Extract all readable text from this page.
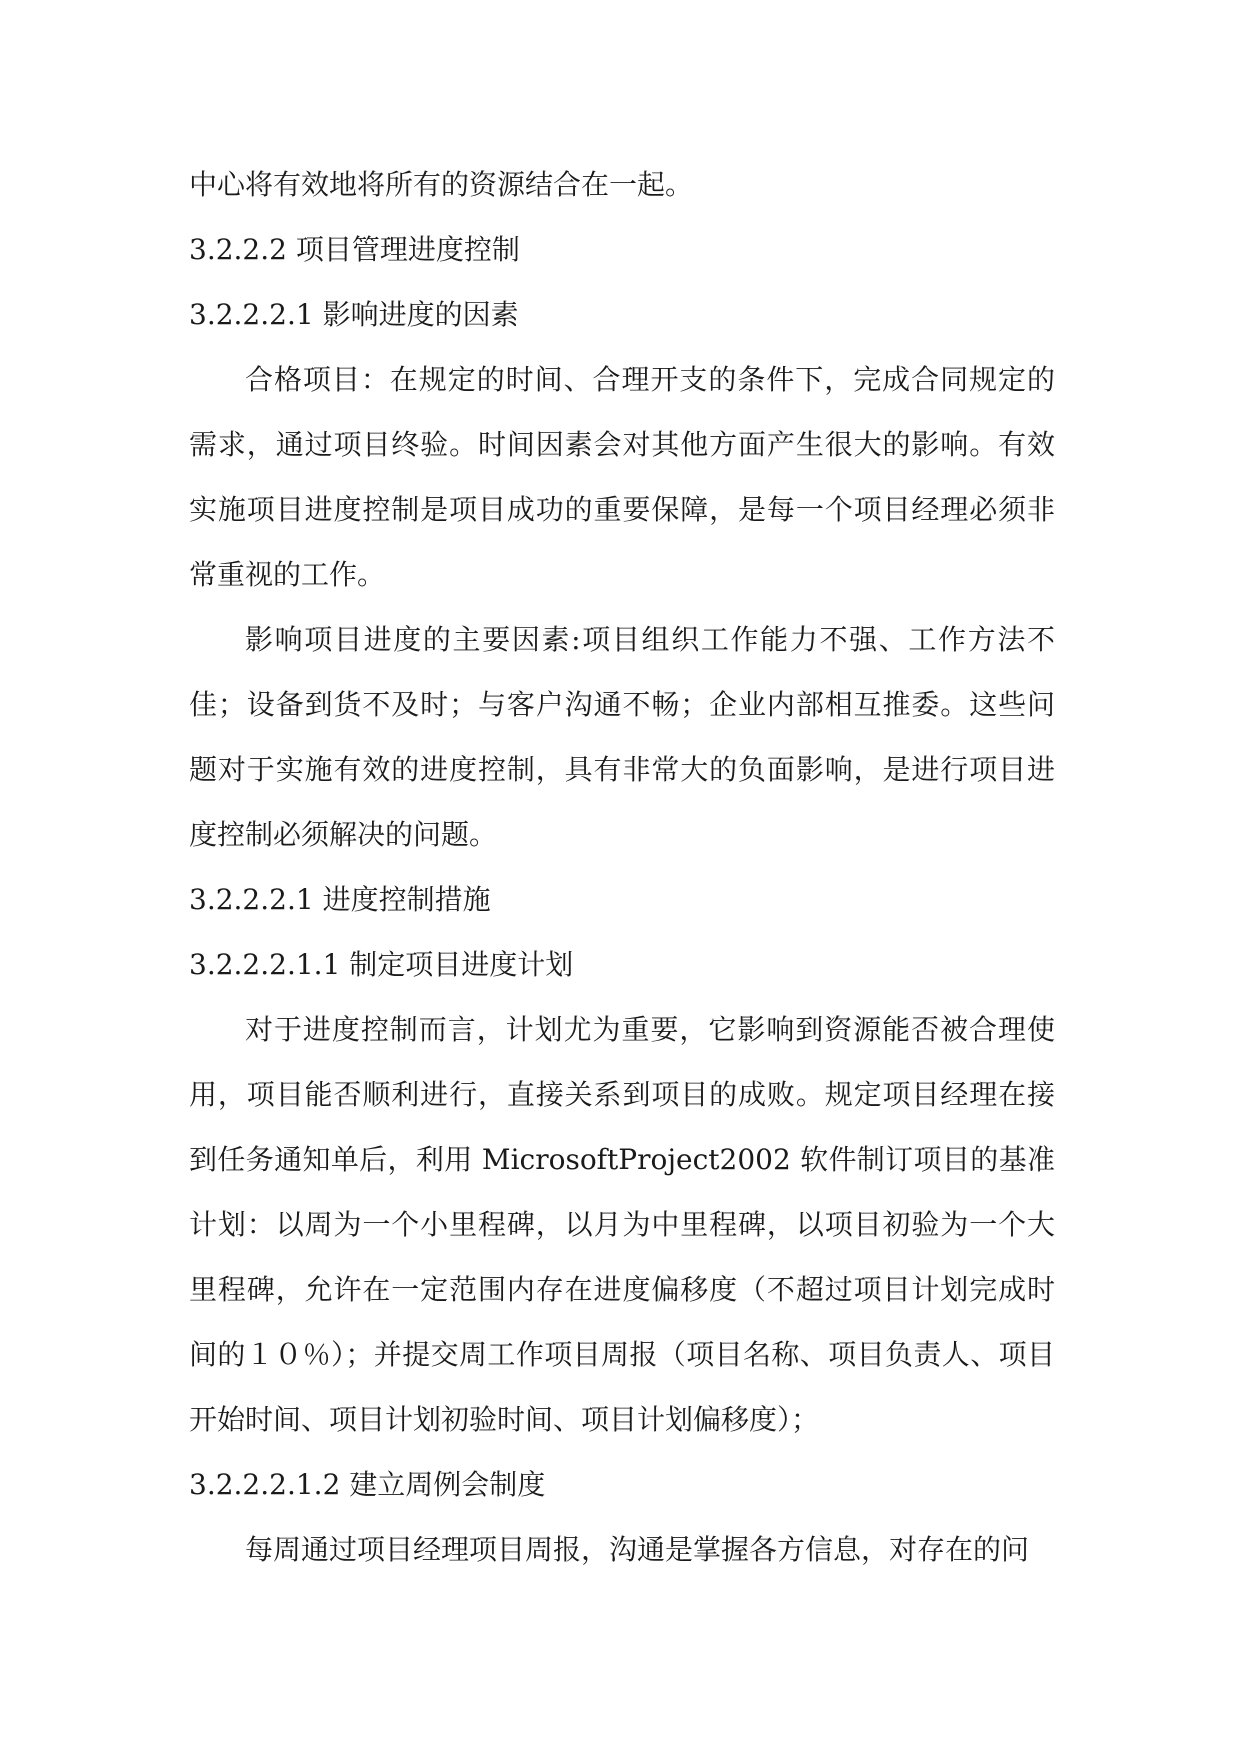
中心将有效地将所有的资源结合在一起。

3.2.2.2 项目管理进度控制

3.2.2.2.1 影响进度的因素

合格项目：在规定的时间、合理开支的条件下，完成合同规定的需求，通过项目终验。时间因素会对其他方面产生很大的影响。有效实施项目进度控制是项目成功的重要保障，是每一个项目经理必须非常重视的工作。

影响项目进度的主要因素:项目组织工作能力不强、工作方法不佳；设备到货不及时；与客户沟通不畅；企业内部相互推委。这些问题对于实施有效的进度控制，具有非常大的负面影响，是进行项目进度控制必须解决的问题。

3.2.2.2.1 进度控制措施

3.2.2.2.1.1 制定项目进度计划

对于进度控制而言，计划尤为重要，它影响到资源能否被合理使用，项目能否顺利进行，直接关系到项目的成败。规定项目经理在接到任务通知单后，利用 MicrosoftProject2002 软件制订项目的基准计划：以周为一个小里程碑，以月为中里程碑，以项目初验为一个大里程碑，允许在一定范围内存在进度偏移度（不超过项目计划完成时间的１０％）；并提交周工作项目周报（项目名称、项目负责人、项目开始时间、项目计划初验时间、项目计划偏移度）；

3.2.2.2.1.2 建立周例会制度

每周通过项目经理项目周报，沟通是掌握各方信息，对存在的问
